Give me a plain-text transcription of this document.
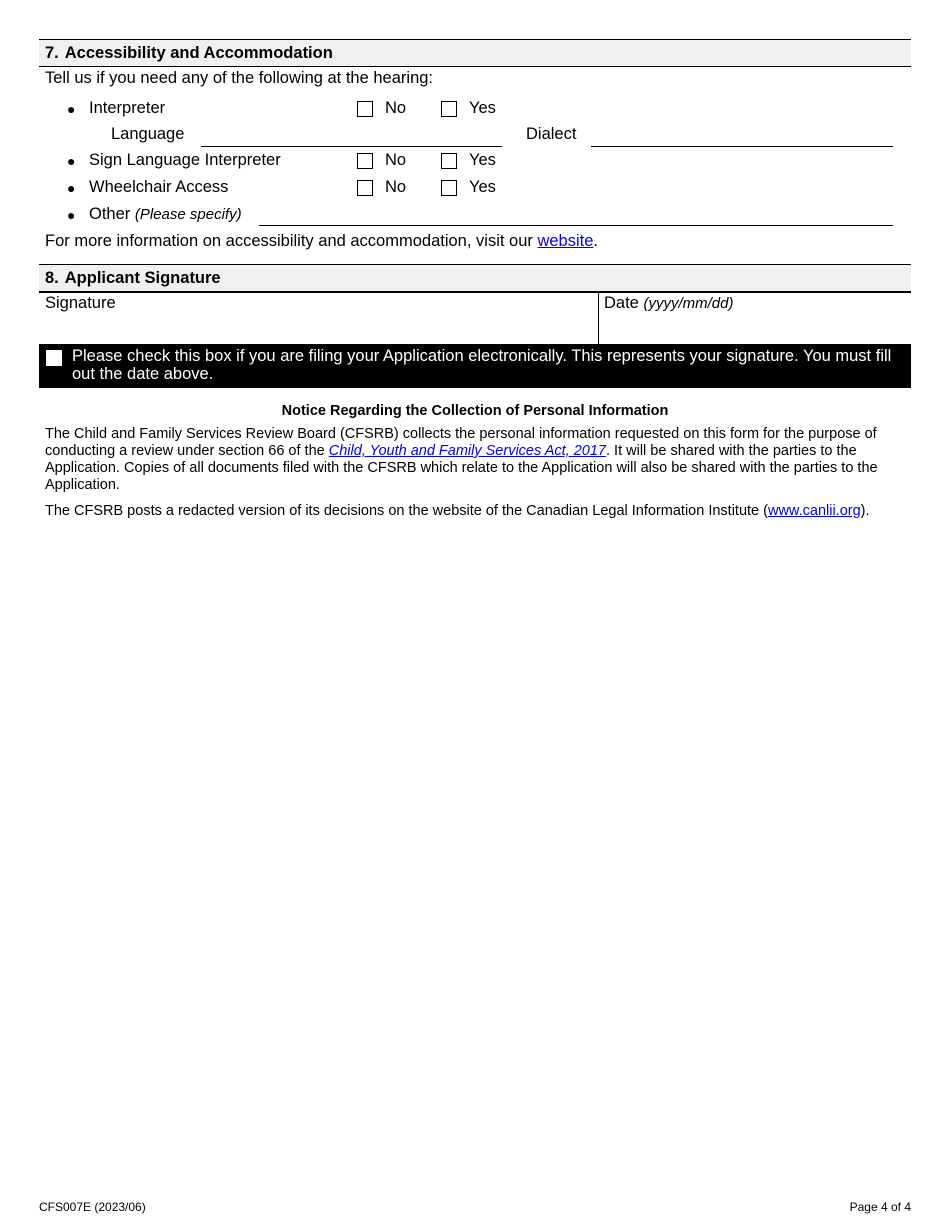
7. Accessibility and Accommodation
Tell us if you need any of the following at the hearing:
● Interpreter	No	Yes
Language	Dialect
● Sign Language Interpreter	No	Yes
● Wheelchair Access	No	Yes
● Other (Please specify)
For more information on accessibility and accommodation, visit our website.
8. Applicant Signature
Signature	Date (yyyy/mm/dd)
Please check this box if you are filing your Application electronically. This represents your signature. You must fill out the date above.
Notice Regarding the Collection of Personal Information
The Child and Family Services Review Board (CFSRB) collects the personal information requested on this form for the purpose of conducting a review under section 66 of the Child, Youth and Family Services Act, 2017. It will be shared with the parties to the Application. Copies of all documents filed with the CFSRB which relate to the Application will also be shared with the parties to the Application.
The CFSRB posts a redacted version of its decisions on the website of the Canadian Legal Information Institute (www.canlii.org).
CFS007E (2023/06)	Page 4 of 4
